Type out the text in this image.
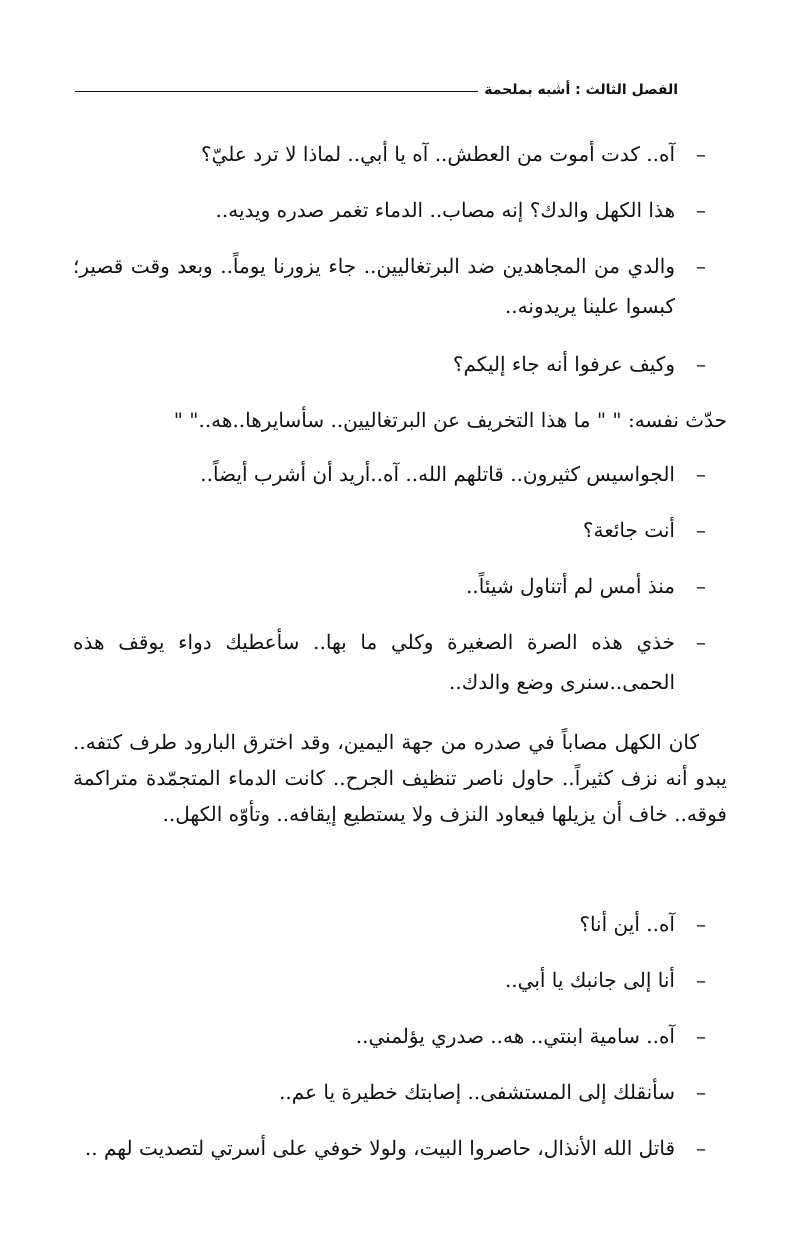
الفصل الثالث : أشبه بملحمة
–
آه.. كدت أموت من العطش.. آه يا أبي.. لماذا لا ترد عليّ؟
–
هذا الكهل والدك؟ إنه مصاب.. الدماء تغمر صدره ويديه..
–
والدي من المجاهدين ضد البرتغاليين.. جاء يزورنا يوماً.. وبعد وقت قصير؛ كبسوا علينا يريدونه..
–
وكيف عرفوا أنه جاء إليكم؟
حدّث نفسه: " " ما هذا التخريف عن البرتغاليين.. سأسايرها..هه.." "
–
الجواسيس كثيرون.. قاتلهم الله.. آه..أريد أن أشرب أيضاً..
–
أنت جائعة؟
–
منذ أمس لم أتناول شيئاً..
–
خذي هذه الصرة الصغيرة وكلي ما بها.. سأعطيك دواء يوقف هذه الحمى..سنرى وضع والدك..
كان الكهل مصاباً في صدره من جهة اليمين، وقد اخترق البارود طرف كتفه.. يبدو أنه نزف كثيراً.. حاول ناصر تنظيف الجرح.. كانت الدماء المتجمّدة متراكمة فوقه.. خاف أن يزيلها فيعاود النزف ولا يستطيع إيقافه.. وتأوّه الكهل..
–
آه.. أين أنا؟
–
أنا إلى جانبك يا أبي..
–
آه.. سامية ابنتي.. هه.. صدري يؤلمني..
–
سأنقلك إلى المستشفى.. إصابتك خطيرة يا عم..
–
قاتل الله الأنذال، حاصروا البيت، ولولا خوفي على أسرتي لتصديت لهم ..
